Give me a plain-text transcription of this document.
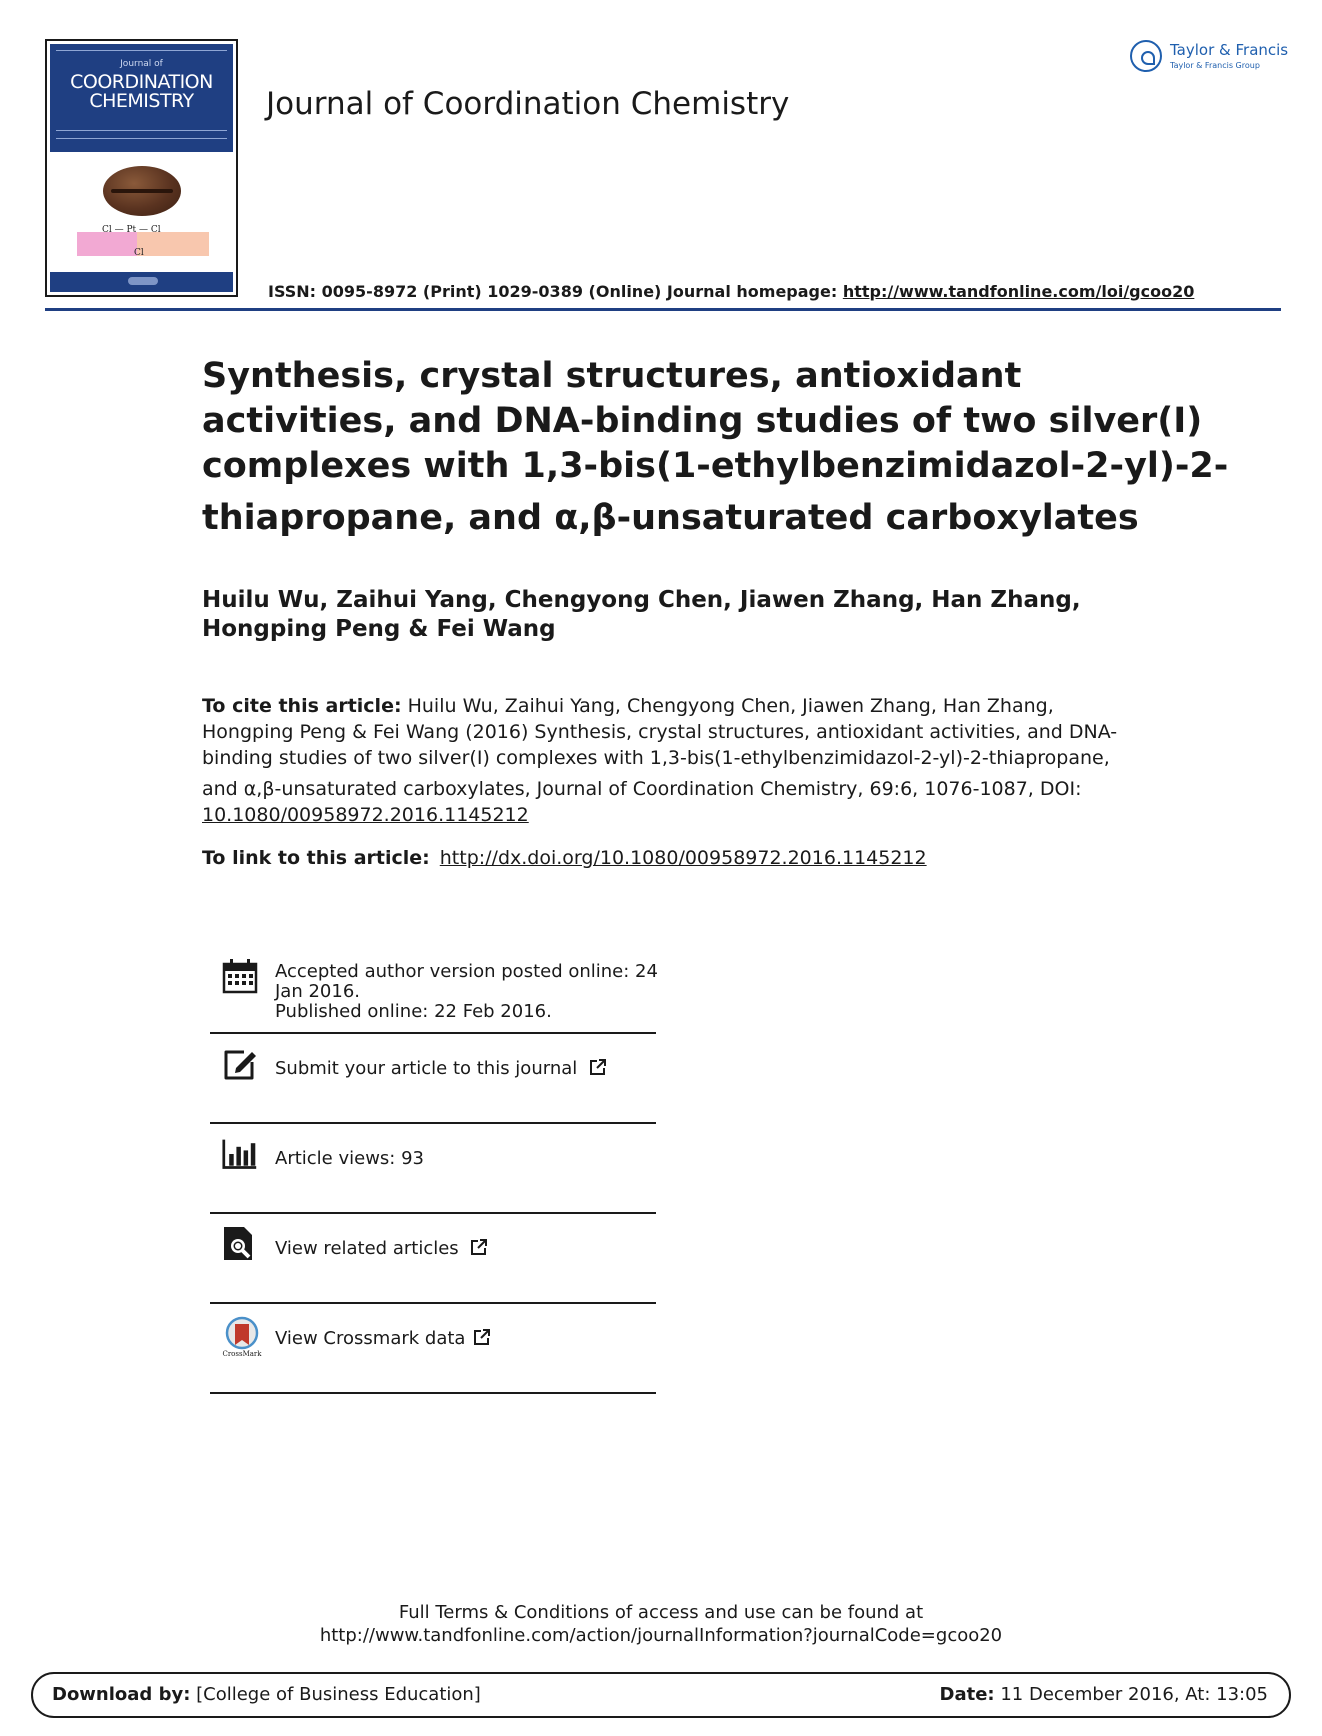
Journal of
COORDINATION
CHEMISTRY
Cl — Pt — Cl
Cl
Journal of Coordination Chemistry
Taylor & Francis
Taylor & Francis Group
ISSN: 0095-8972 (Print) 1029-0389 (Online) Journal homepage: http://www.tandfonline.com/loi/gcoo20
Synthesis, crystal structures, antioxidant
activities, and DNA-binding studies of two silver(I)
complexes with 1,3-bis(1-ethylbenzimidazol-2-yl)-2-
thiapropane, and α,β-unsaturated carboxylates
Huilu Wu, Zaihui Yang, Chengyong Chen, Jiawen Zhang, Han Zhang,
Hongping Peng & Fei Wang
To cite this article: Huilu Wu, Zaihui Yang, Chengyong Chen, Jiawen Zhang, Han Zhang,
Hongping Peng & Fei Wang (2016) Synthesis, crystal structures, antioxidant activities, and DNA-
binding studies of two silver(I) complexes with 1,3-bis(1-ethylbenzimidazol-2-yl)-2-thiapropane,
and α,β-unsaturated carboxylates, Journal of Coordination Chemistry, 69:6, 1076-1087, DOI:
10.1080/00958972.2016.1145212
To link to this article: http://dx.doi.org/10.1080/00958972.2016.1145212
Accepted author version posted online: 24
Jan 2016.
Published online: 22 Feb 2016.
Submit your article to this journal
Article views: 93
View related articles
CrossMark
View Crossmark data
Full Terms & Conditions of access and use can be found at
http://www.tandfonline.com/action/journalInformation?journalCode=gcoo20
Download by: [College of Business Education]	Date: 11 December 2016, At: 13:05
